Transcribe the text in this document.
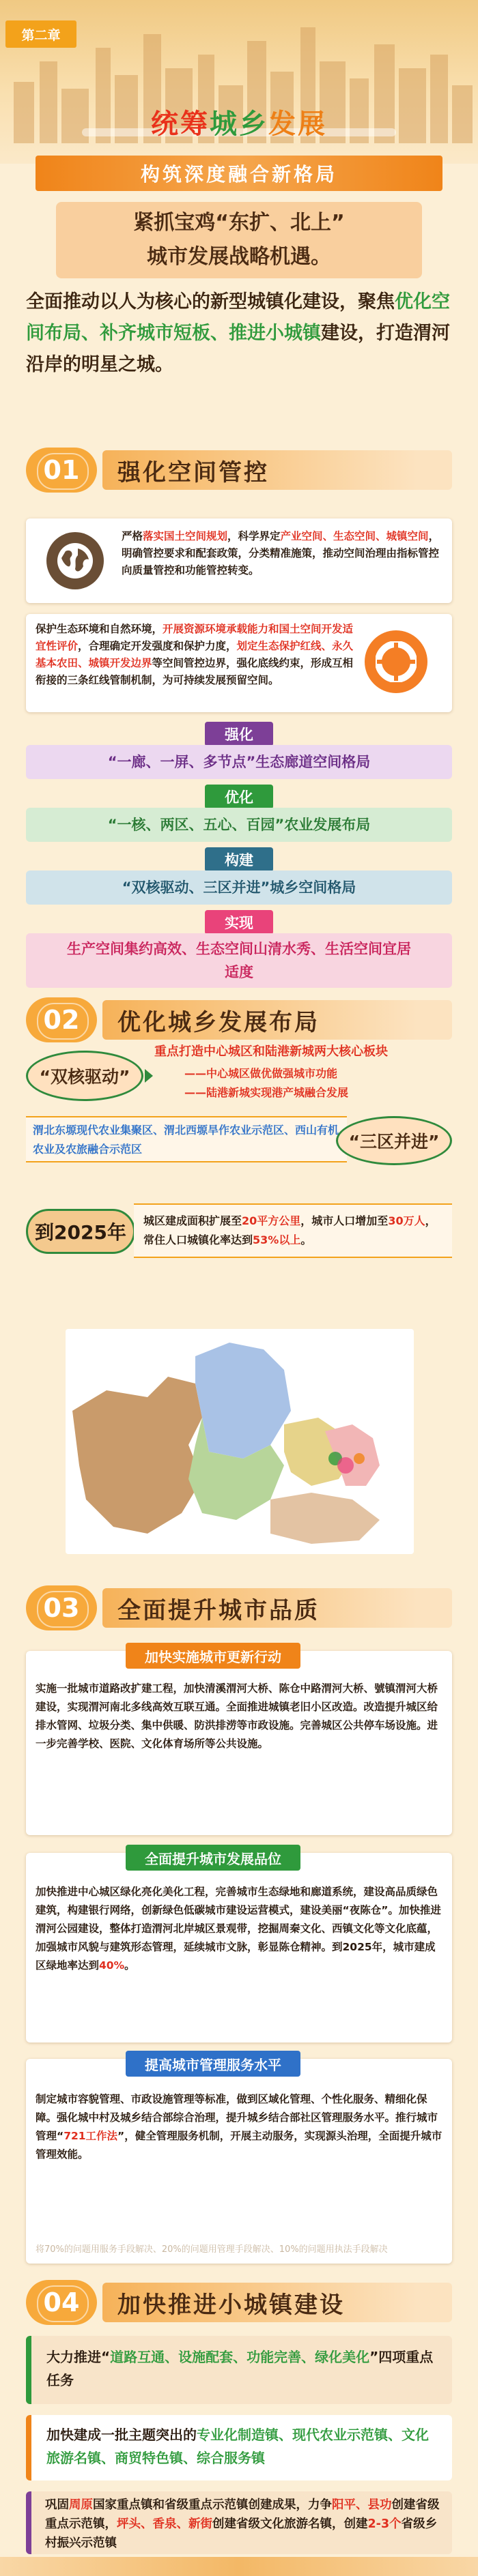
第二章
统筹城乡发展
构筑深度融合新格局
紧抓宝鸡“东扩、北上”
城市发展战略机遇。
全面推动以人为核心的新型城镇化建设，聚焦优化空间布局、补齐城市短板、推进小城镇建设，打造渭河沿岸的明星之城。
01	强化空间管控
严格落实国土空间规划，科学界定产业空间、生态空间、城镇空间，明确管控要求和配套政策，分类精准施策，推动空间治理由指标管控向质量管控和功能管控转变。
保护生态环境和自然环境，开展资源环境承载能力和国土空间开发适宜性评价，合理确定开发强度和保护力度，划定生态保护红线、永久基本农田、城镇开发边界等空间管控边界，强化底线约束，形成互相衔接的三条红线管制机制，为可持续发展预留空间。
强化
“一廊、一屏、多节点”生态廊道空间格局
优化
“一核、两区、五心、百园”农业发展布局
构建
“双核驱动、三区并进”城乡空间格局
实现
生产空间集约高效、生态空间山清水秀、生活空间宜居适度
02	优化城乡发展布局
“双核驱动”
重点打造中心城区和陆港新城两大核心板块
——中心城区做优做强城市功能
——陆港新城实现港产城融合发展
渭北东塬现代农业集聚区、渭北西塬旱作农业示范区、西山有机农业及农旅融合示范区	“三区并进”
到2025年
城区建成面积扩展至20平方公里，城市人口增加至30万人，常住人口城镇化率达到53%以上。
03	全面提升城市品质
加快实施城市更新行动
实施一批城市道路改扩建工程，加快清溪渭河大桥、陈仓中路渭河大桥、號镇渭河大桥建设，实现渭河南北多线高效互联互通。全面推进城镇老旧小区改造。改造提升城区给排水管网、垃圾分类、集中供暖、防洪排涝等市政设施。完善城区公共停车场设施。进一步完善学校、医院、文化体育场所等公共设施。
全面提升城市发展品位
加快推进中心城区绿化亮化美化工程，完善城市生态绿地和廊道系统，建设高品质绿色建筑，构建银行网络，创新绿色低碳城市建设运营模式，建设美丽“夜陈仓”。加快推进渭河公园建设，整体打造渭河北岸城区景观带，挖掘周秦文化、西镇文化等文化底蕴，加强城市风貌与建筑形态管理，延续城市文脉，彰显陈仓精神。到2025年，城市建成区绿地率达到40%。
提高城市管理服务水平
制定城市容貌管理、市政设施管理等标准，做到区域化管理、个性化服务、精细化保障。强化城中村及城乡结合部综合治理，提升城乡结合部社区管理服务水平。推行城市管理“721工作法”，健全管理服务机制，开展主动服务，实现源头治理，全面提升城市管理效能。
将70%的问题用服务手段解决、20%的问题用管理手段解决、10%的问题用执法手段解决
04	加快推进小城镇建设
大力推进“道路互通、设施配套、功能完善、绿化美化”四项重点任务
加快建成一批主题突出的专业化制造镇、现代农业示范镇、文化旅游名镇、商贸特色镇、综合服务镇
巩固周原国家重点镇和省级重点示范镇创建成果，力争阳平、县功创建省级重点示范镇，坪头、香泉、新街创建省级文化旅游名镇，创建2-3个省级乡村振兴示范镇
